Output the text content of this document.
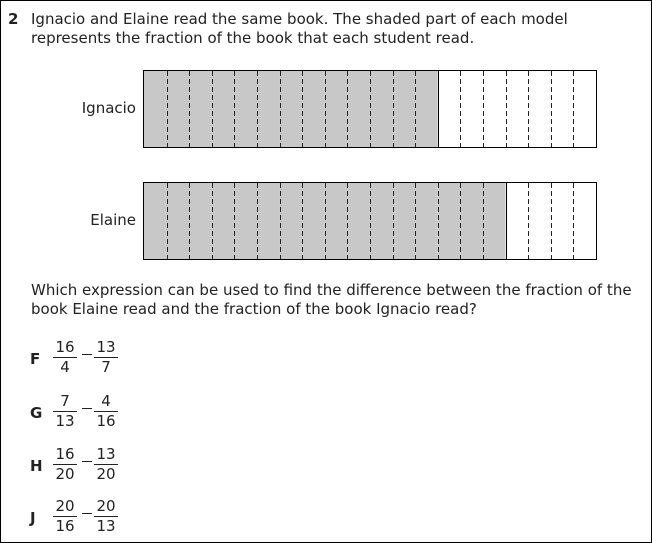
2 Ignacio and Elaine read the same book. The shaded part of each model represents the fraction of the book that each student read.
Ignacio
Elaine
Which expression can be used to find the difference between the fraction of the book Elaine read and the fraction of the book Ignacio read?
F
16
4
13
7
G
7
13
4
16
H
16
20
13
20
J
20
16
20
13
